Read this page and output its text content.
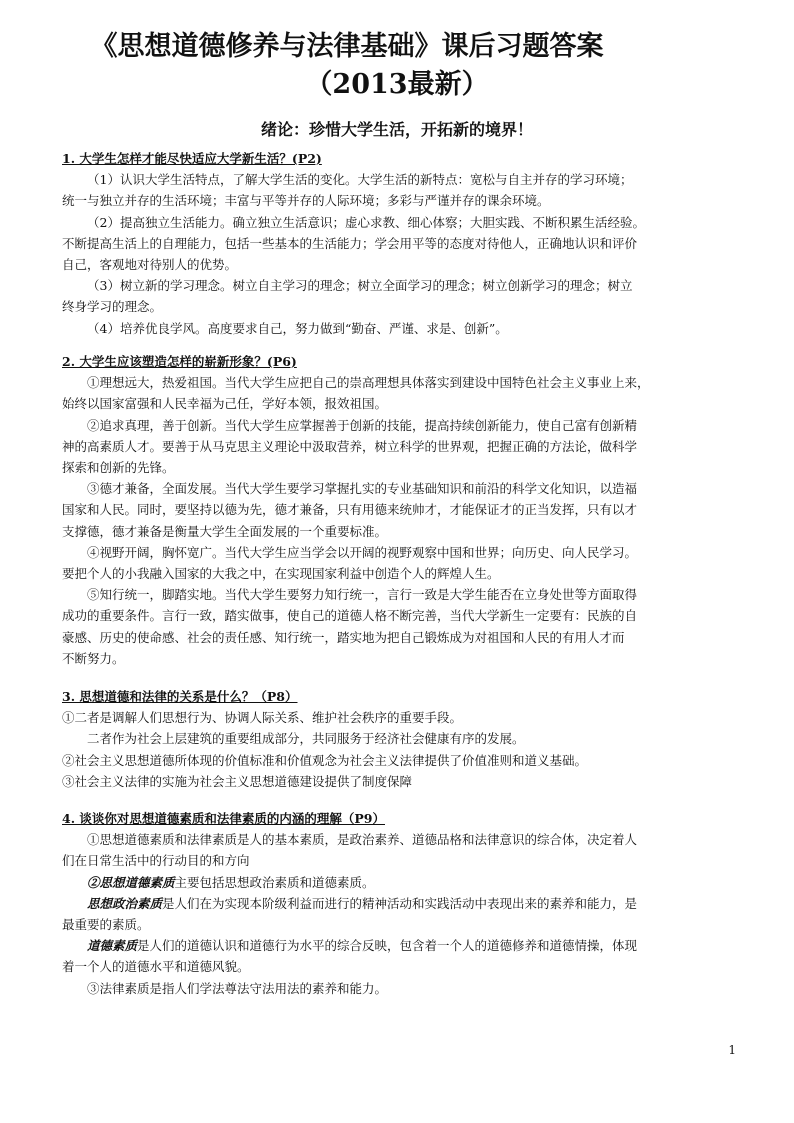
《思想道德修养与法律基础》课后习题答案
（2013最新）
绪论：珍惜大学生活，开拓新的境界！
1. 大学生怎样才能尽快适应大学新生活？(P2)
（1）认识大学生活特点，了解大学生活的变化。大学生活的新特点：宽松与自主并存的学习环境；
统一与独立并存的生活环境；丰富与平等并存的人际环境；多彩与严谨并存的课余环境。
（2）提高独立生活能力。确立独立生活意识；虚心求教、细心体察；大胆实践、不断积累生活经验。
不断提高生活上的自理能力，包括一些基本的生活能力；学会用平等的态度对待他人，正确地认识和评价
自己，客观地对待别人的优势。
（3）树立新的学习理念。树立自主学习的理念；树立全面学习的理念；树立创新学习的理念；树立
终身学习的理念。
（4）培养优良学风。高度要求自己，努力做到“勤奋、严谨、求是、创新”。
2. 大学生应该塑造怎样的崭新形象？(P6)
①理想远大，热爱祖国。当代大学生应把自己的崇高理想具体落实到建设中国特色社会主义事业上来，
始终以国家富强和人民幸福为己任，学好本领，报效祖国。
②追求真理，善于创新。当代大学生应掌握善于创新的技能，提高持续创新能力，使自己富有创新精
神的高素质人才。要善于从马克思主义理论中汲取营养，树立科学的世界观，把握正确的方法论，做科学
探索和创新的先锋。
③德才兼备，全面发展。当代大学生要学习掌握扎实的专业基础知识和前沿的科学文化知识，以造福
国家和人民。同时，要坚持以德为先，德才兼备，只有用德来统帅才，才能保证才的正当发挥，只有以才
支撑德，德才兼备是衡量大学生全面发展的一个重要标准。
④视野开阔，胸怀宽广。当代大学生应当学会以开阔的视野观察中国和世界；向历史、向人民学习。
要把个人的小我融入国家的大我之中，在实现国家利益中创造个人的辉煌人生。
⑤知行统一，脚踏实地。当代大学生要努力知行统一，言行一致是大学生能否在立身处世等方面取得
成功的重要条件。言行一致，踏实做事，使自己的道德人格不断完善，当代大学新生一定要有：民族的自
豪感、历史的使命感、社会的责任感、知行统一，踏实地为把自己锻炼成为对祖国和人民的有用人才而
不断努力。
3. 思想道德和法律的关系是什么？（P8）
①二者是调解人们思想行为、协调人际关系、维护社会秩序的重要手段。
二者作为社会上层建筑的重要组成部分，共同服务于经济社会健康有序的发展。
②社会主义思想道德所体现的价值标准和价值观念为社会主义法律提供了价值准则和道义基础。
③社会主义法律的实施为社会主义思想道德建设提供了制度保障
4. 谈谈你对思想道德素质和法律素质的内涵的理解（P9）
①思想道德素质和法律素质是人的基本素质，是政治素养、道德品格和法律意识的综合体，决定着人
们在日常生活中的行动目的和方向
②思想道德素质主要包括思想政治素质和道德素质。
思想政治素质是人们在为实现本阶级利益而进行的精神活动和实践活动中表现出来的素养和能力，是
最重要的素质。
道德素质是人们的道德认识和道德行为水平的综合反映，包含着一个人的道德修养和道德情操，体现
着一个人的道德水平和道德风貌。
③法律素质是指人们学法尊法守法用法的素养和能力。
1
